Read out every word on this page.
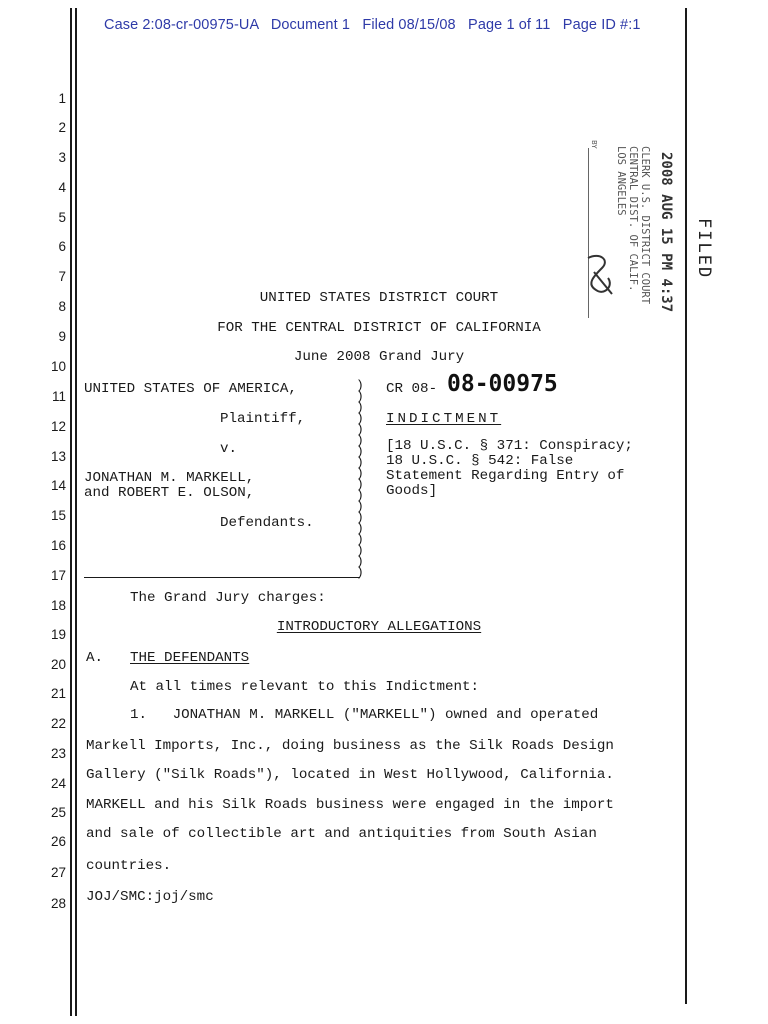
Case 2:08-cr-00975-UA   Document 1   Filed 08/15/08   Page 1 of 11   Page ID #:1
1
2
3
4
5
6
7
8
9
10
11
12
13
14
15
16
17
18
19
20
21
22
23
24
25
26
27
28
FILED
2008 AUG 15 PM 4:37
CLERK U.S. DISTRICT COURT
CENTRAL DIST. OF CALIF.
LOS ANGELES
BY
UNITED STATES DISTRICT COURT
FOR THE CENTRAL DISTRICT OF CALIFORNIA
June 2008 Grand Jury
UNITED STATES OF AMERICA,
Plaintiff,
v.
JONATHAN M. MARKELL,
and ROBERT E. OLSON,
Defendants.
)
)
)
)
)
)
)
)
)
)
)
)
)
)
)
)
)
)
CR 08- 08-00975
INDICTMENT
[18 U.S.C. § 371: Conspiracy;
18 U.S.C. § 542: False
Statement Regarding Entry of
Goods]
The Grand Jury charges:
INTRODUCTORY ALLEGATIONS
A. THE DEFENDANTS
At all times relevant to this Indictment:
1.   JONATHAN M. MARKELL ("MARKELL") owned and operated
Markell Imports, Inc., doing business as the Silk Roads Design
Gallery ("Silk Roads"), located in West Hollywood, California.
MARKELL and his Silk Roads business were engaged in the import
and sale of collectible art and antiquities from South Asian
countries.
JOJ/SMC:joj/smc
